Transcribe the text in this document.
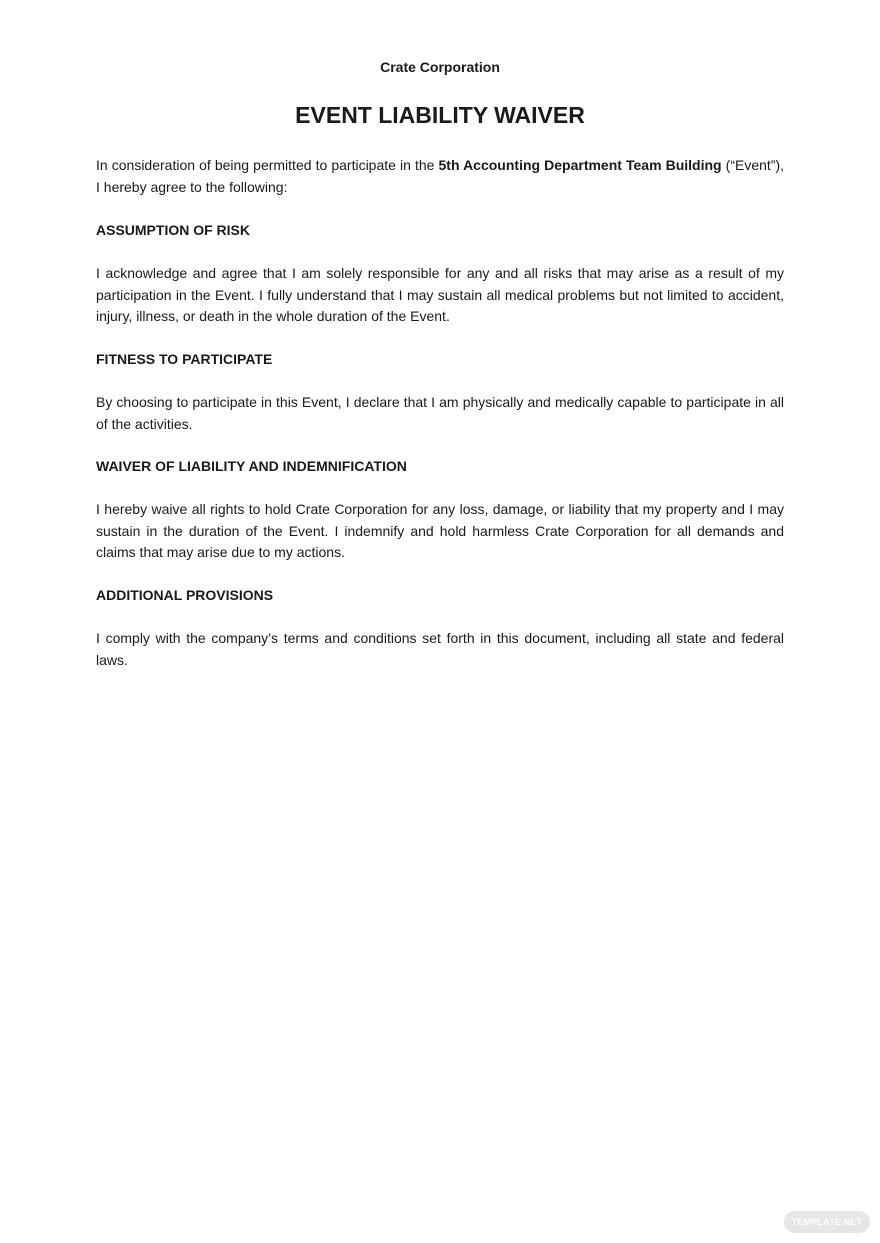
Crate Corporation
EVENT LIABILITY WAIVER

In consideration of being permitted to participate in the 5th Accounting Department Team Building (“Event”), I hereby agree to the following:

ASSUMPTION OF RISK

I acknowledge and agree that I am solely responsible for any and all risks that may arise as a result of my participation in the Event. I fully understand that I may sustain all medical problems but not limited to accident, injury, illness, or death in the whole duration of the Event.

FITNESS TO PARTICIPATE

By choosing to participate in this Event, I declare that I am physically and medically capable to participate in all of the activities.

WAIVER OF LIABILITY AND INDEMNIFICATION

I hereby waive all rights to hold Crate Corporation for any loss, damage, or liability that my property and I may sustain in the duration of the Event. I indemnify and hold harmless Crate Corporation for all demands and claims that may arise due to my actions.

ADDITIONAL PROVISIONS

I comply with the company’s terms and conditions set forth in this document, including all state and federal laws.

TEMPLATE.NET
